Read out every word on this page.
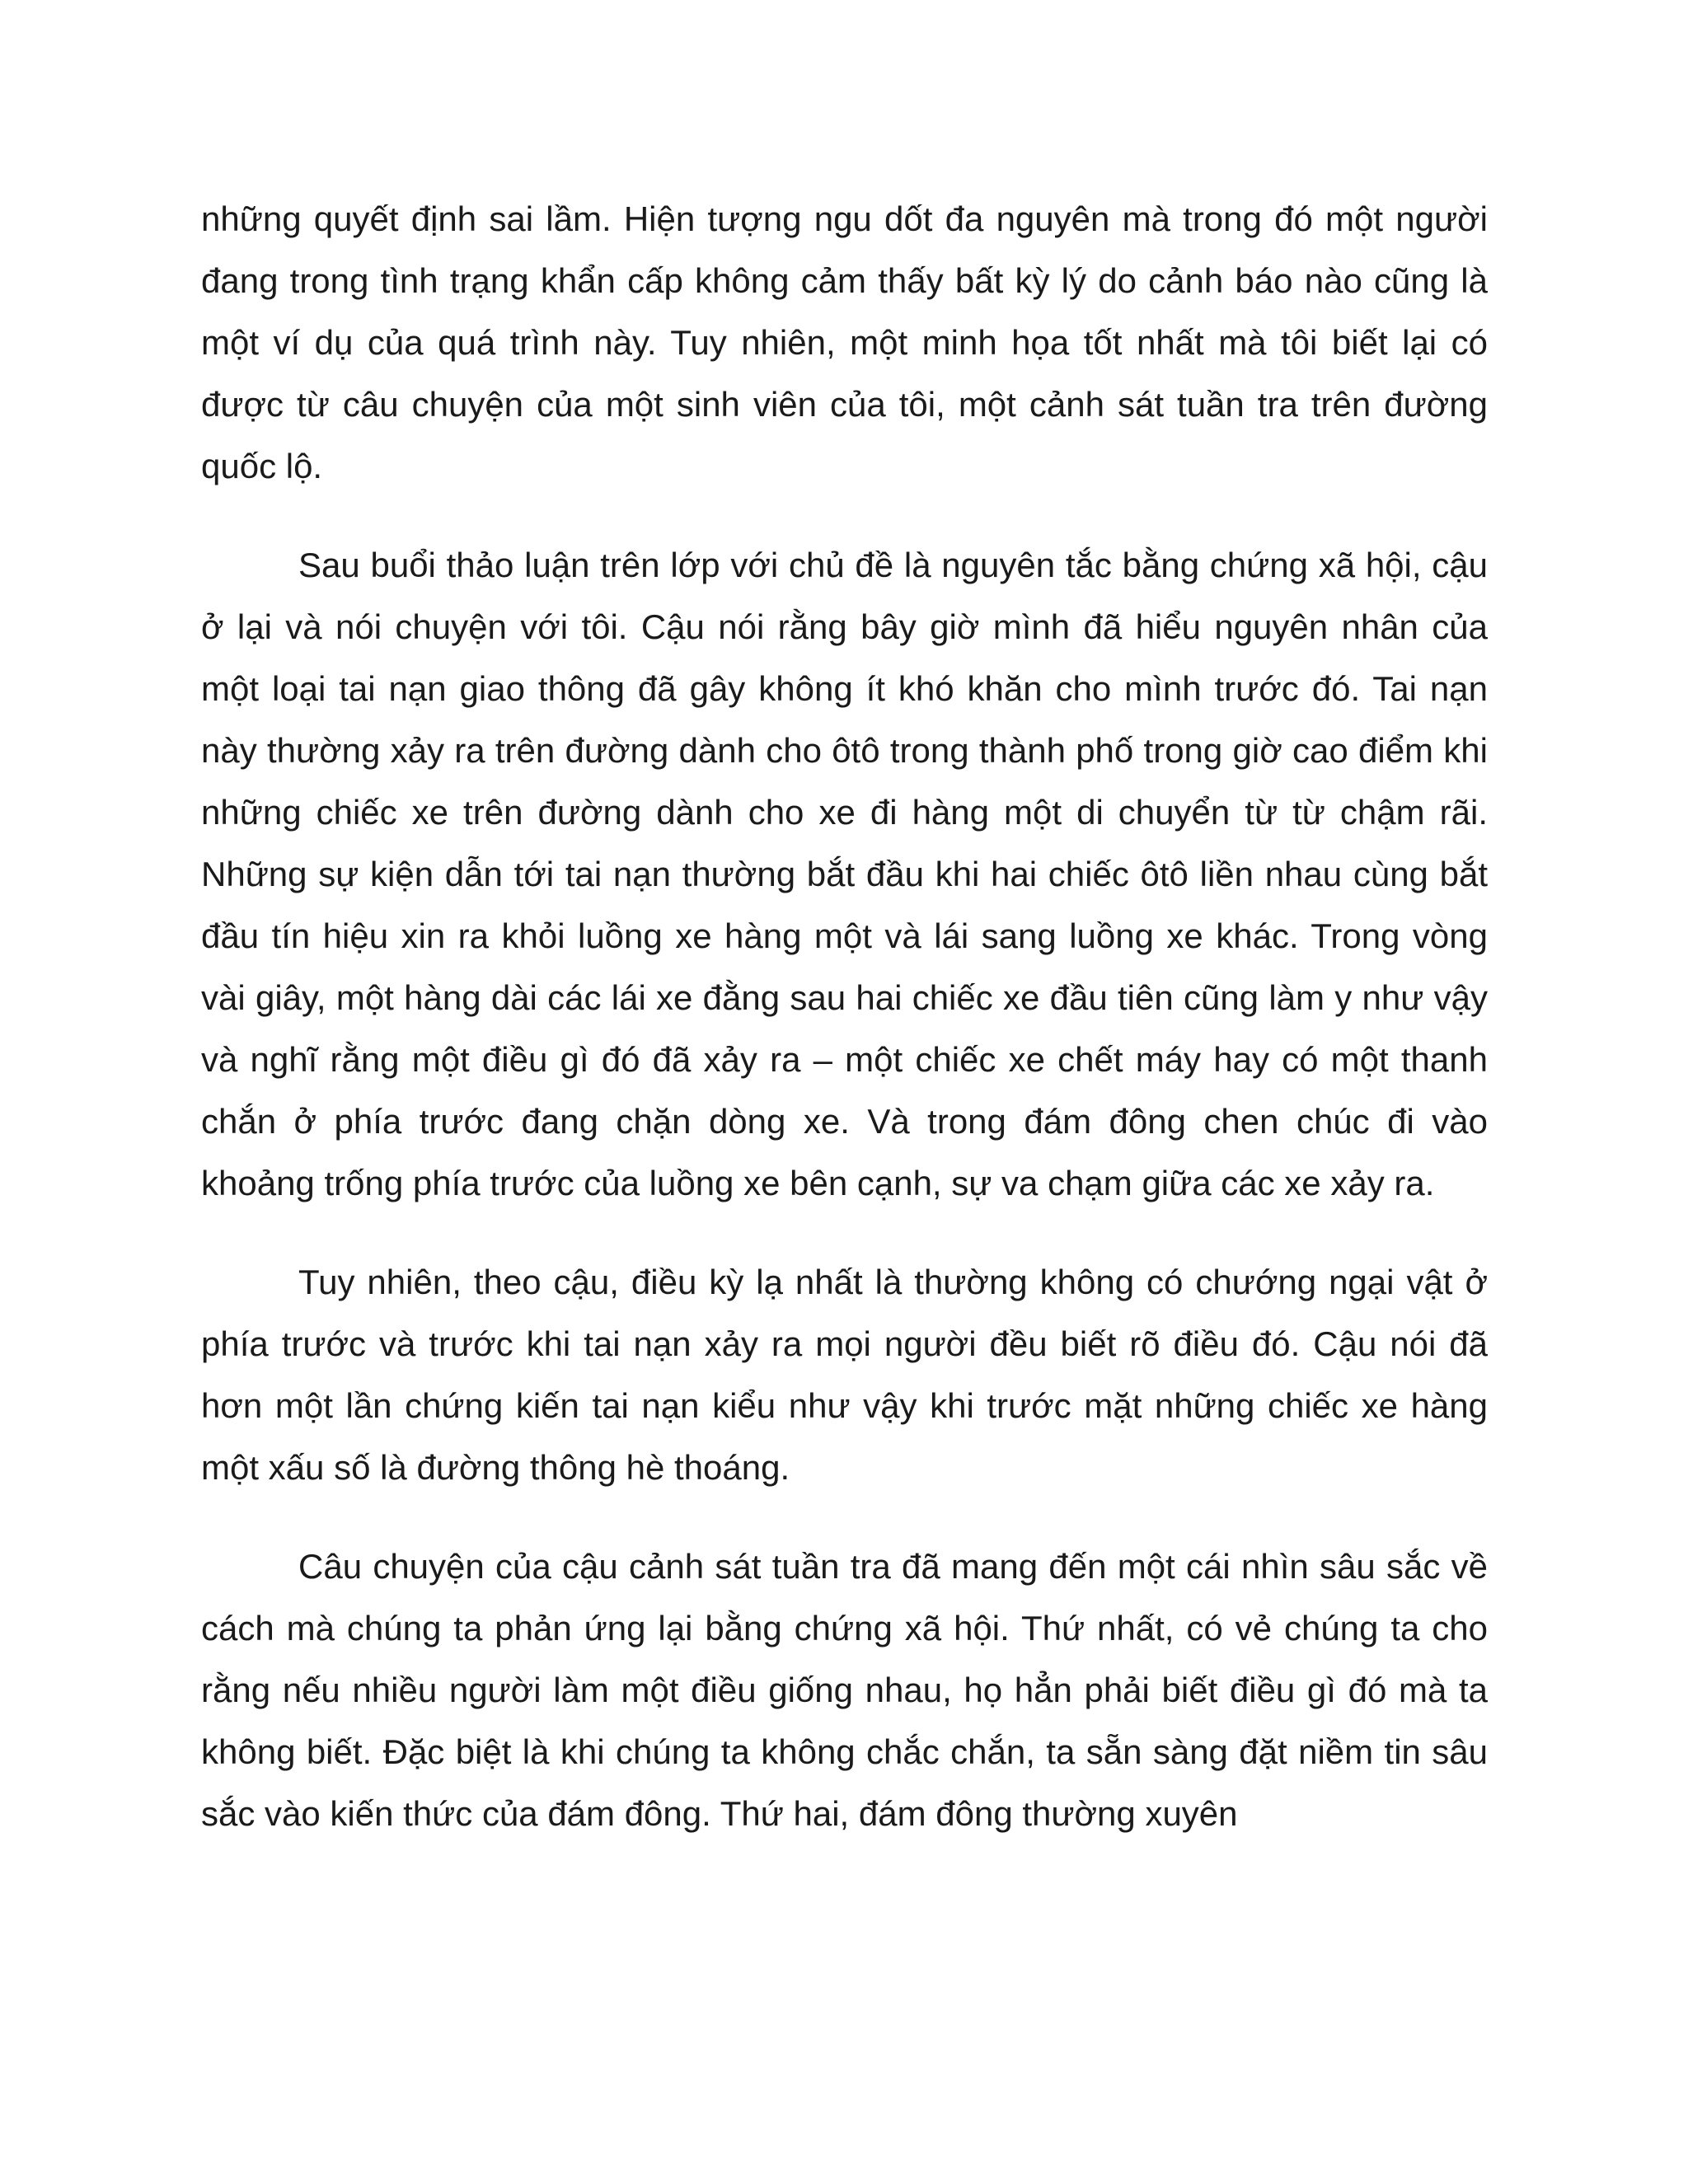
những quyết định sai lầm. Hiện tượng ngu dốt đa nguyên mà trong đó một người đang trong tình trạng khẩn cấp không cảm thấy bất kỳ lý do cảnh báo nào cũng là một ví dụ của quá trình này. Tuy nhiên, một minh họa tốt nhất mà tôi biết lại có được từ câu chuyện của một sinh viên của tôi, một cảnh sát tuần tra trên đường quốc lộ.

Sau buổi thảo luận trên lớp với chủ đề là nguyên tắc bằng chứng xã hội, cậu ở lại và nói chuyện với tôi. Cậu nói rằng bây giờ mình đã hiểu nguyên nhân của một loại tai nạn giao thông đã gây không ít khó khăn cho mình trước đó. Tai nạn này thường xảy ra trên đường dành cho ôtô trong thành phố trong giờ cao điểm khi những chiếc xe trên đường dành cho xe đi hàng một di chuyển từ từ chậm rãi. Những sự kiện dẫn tới tai nạn thường bắt đầu khi hai chiếc ôtô liền nhau cùng bắt đầu tín hiệu xin ra khỏi luồng xe hàng một và lái sang luồng xe khác. Trong vòng vài giây, một hàng dài các lái xe đằng sau hai chiếc xe đầu tiên cũng làm y như vậy và nghĩ rằng một điều gì đó đã xảy ra – một chiếc xe chết máy hay có một thanh chắn ở phía trước đang chặn dòng xe. Và trong đám đông chen chúc đi vào khoảng trống phía trước của luồng xe bên cạnh, sự va chạm giữa các xe xảy ra.

Tuy nhiên, theo cậu, điều kỳ lạ nhất là thường không có chướng ngại vật ở phía trước và trước khi tai nạn xảy ra mọi người đều biết rõ điều đó. Cậu nói đã hơn một lần chứng kiến tai nạn kiểu như vậy khi trước mặt những chiếc xe hàng một xấu số là đường thông hè thoáng.

Câu chuyện của cậu cảnh sát tuần tra đã mang đến một cái nhìn sâu sắc về cách mà chúng ta phản ứng lại bằng chứng xã hội. Thứ nhất, có vẻ chúng ta cho rằng nếu nhiều người làm một điều giống nhau, họ hẳn phải biết điều gì đó mà ta không biết. Đặc biệt là khi chúng ta không chắc chắn, ta sẵn sàng đặt niềm tin sâu sắc vào kiến thức của đám đông. Thứ hai, đám đông thường xuyên
